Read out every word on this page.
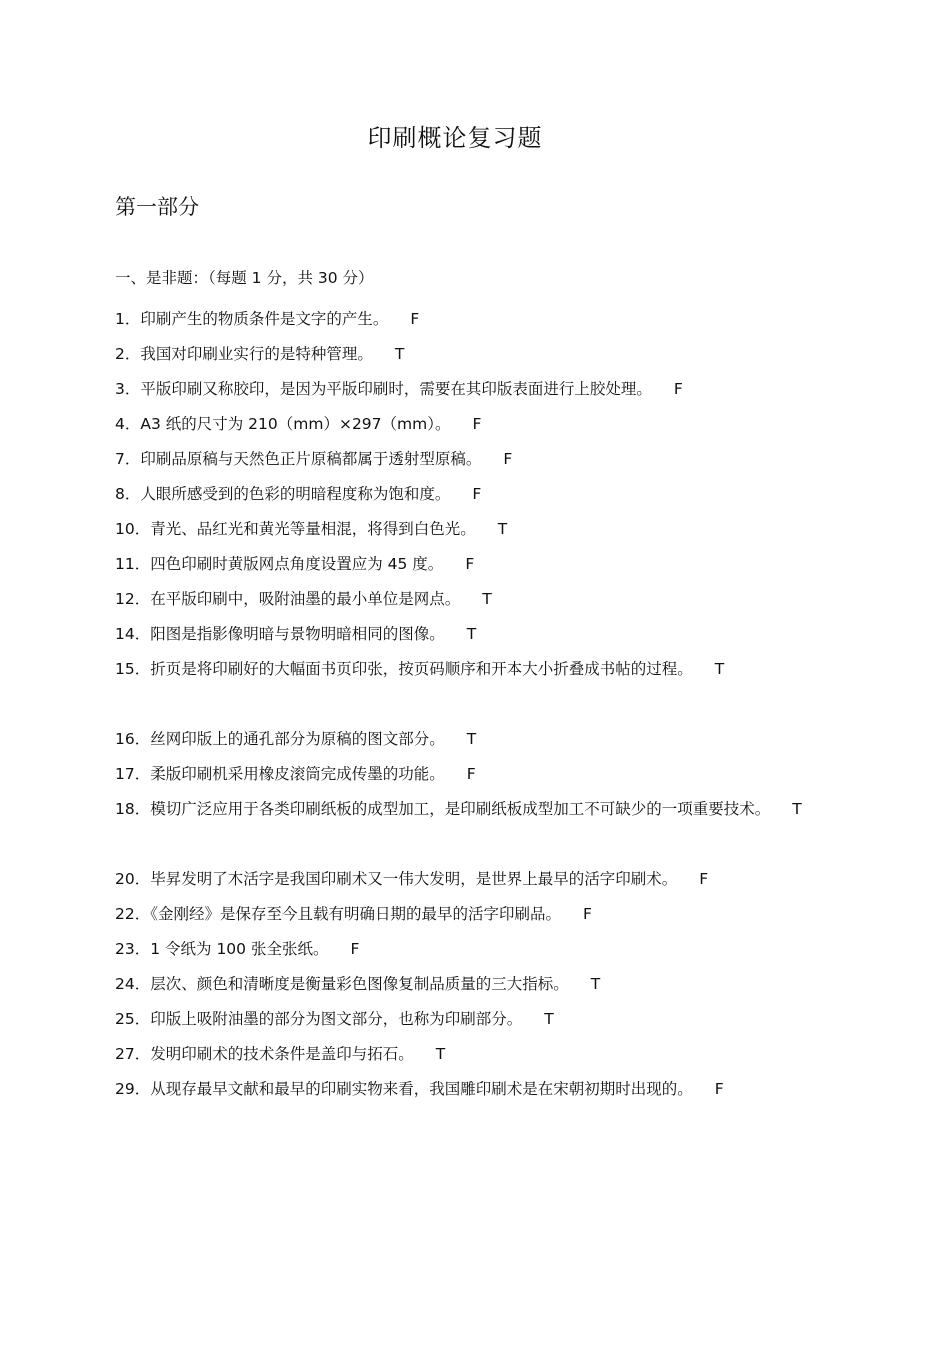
印刷概论复习题
第一部分
一、是非题：（每题 1 分，共 30 分）
1．印刷产生的物质条件是文字的产生。 F
2．我国对印刷业实行的是特种管理。 T
3．平版印刷又称胶印，是因为平版印刷时，需要在其印版表面进行上胶处理。 F
4．A3 纸的尺寸为 210（mm）×297（mm）。 F
7．印刷品原稿与天然色正片原稿都属于透射型原稿。 F
8．人眼所感受到的色彩的明暗程度称为饱和度。 F
10．青光、品红光和黄光等量相混，将得到白色光。 T
11．四色印刷时黄版网点角度设置应为 45 度。 F
12．在平版印刷中，吸附油墨的最小单位是网点。 T
14．阳图是指影像明暗与景物明暗相同的图像。 T
15．折页是将印刷好的大幅面书页印张，按页码顺序和开本大小折叠成书帖的过程。 T
16．丝网印版上的通孔部分为原稿的图文部分。 T
17．柔版印刷机采用橡皮滚筒完成传墨的功能。 F
18．模切广泛应用于各类印刷纸板的成型加工，是印刷纸板成型加工不可缺少的一项重要技术。 T
20．毕昇发明了木活字是我国印刷术又一伟大发明，是世界上最早的活字印刷术。 F
22．《金刚经》是保存至今且载有明确日期的最早的活字印刷品。 F
23．1 令纸为 100 张全张纸。 F
24．层次、颜色和清晰度是衡量彩色图像复制品质量的三大指标。 T
25．印版上吸附油墨的部分为图文部分，也称为印刷部分。 T
27．发明印刷术的技术条件是盖印与拓石。 T
29．从现存最早文献和最早的印刷实物来看，我国雕印刷术是在宋朝初期时出现的。 F
